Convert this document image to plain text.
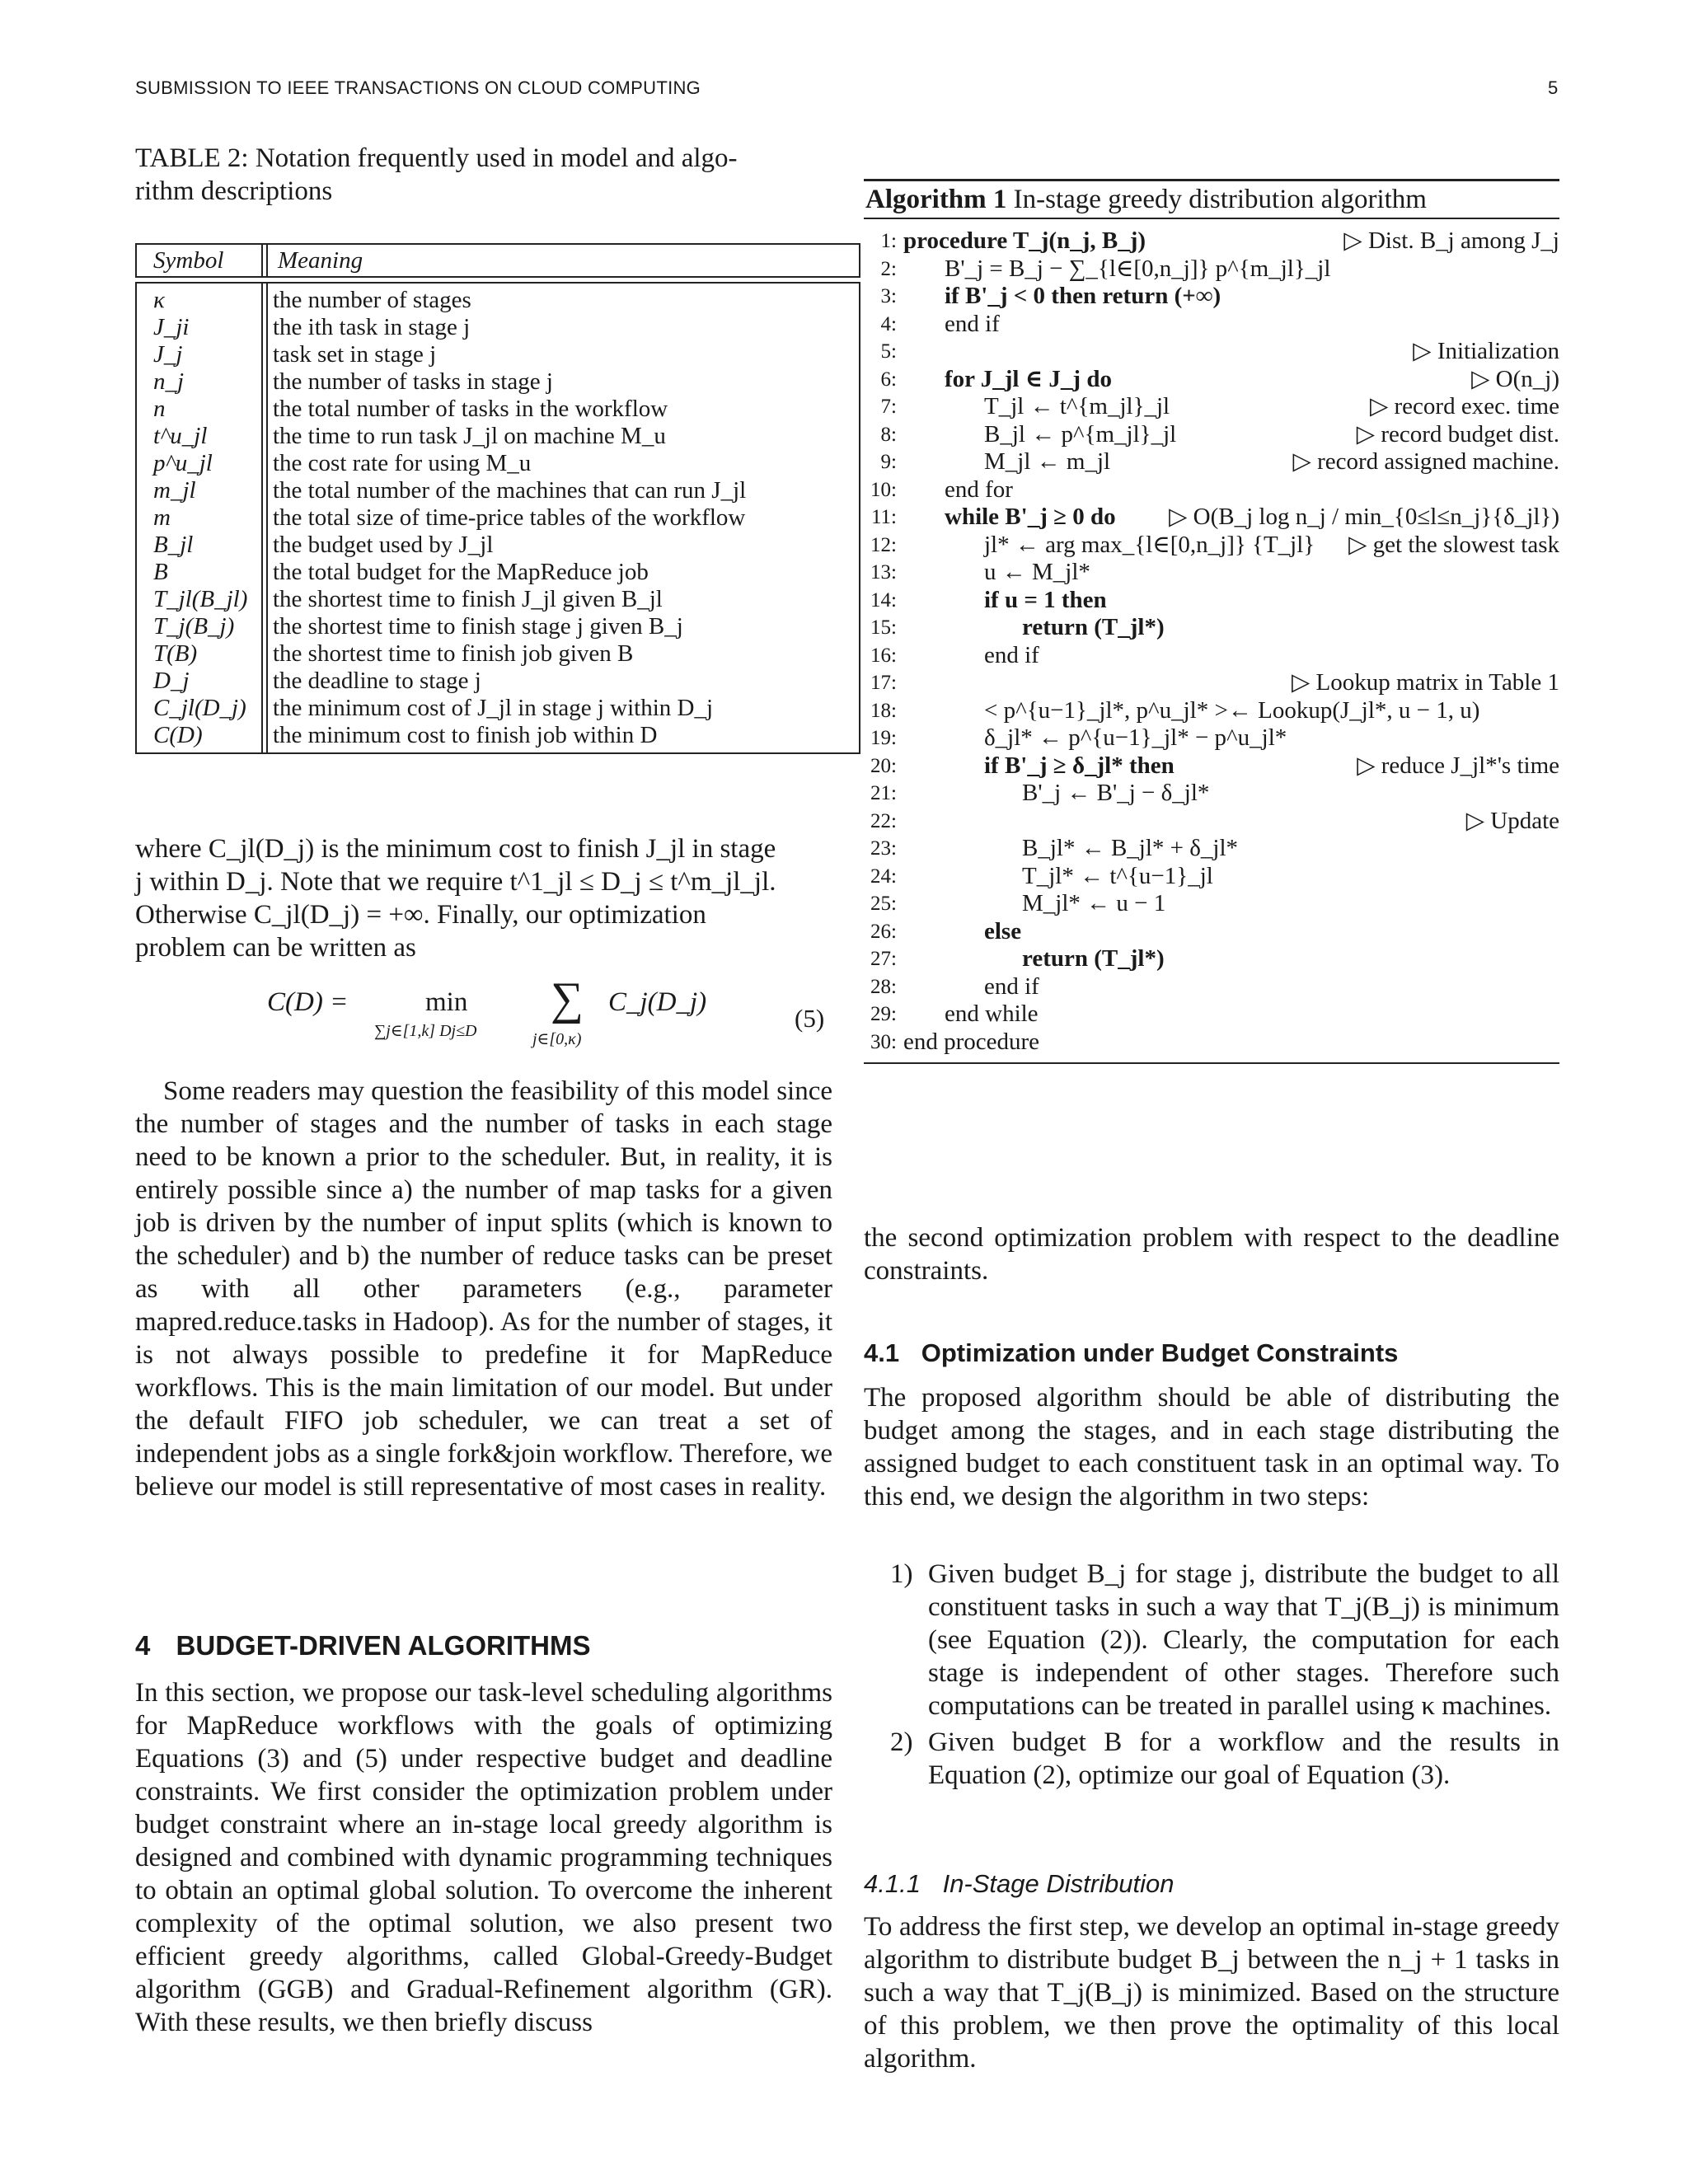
SUBMISSION TO IEEE TRANSACTIONS ON CLOUD COMPUTING	5
TABLE 2: Notation frequently used in model and algo-
rithm descriptions
Symbol	Meaning
κ	the number of stages
J_ji	the ith task in stage j
J_j	task set in stage j
n_j	the number of tasks in stage j
n	the total number of tasks in the workflow
t^u_jl	the time to run task J_jl on machine M_u
p^u_jl	the cost rate for using M_u
m_jl	the total number of the machines that can run J_jl
m	the total size of time-price tables of the workflow
B_jl	the budget used by J_jl
B	the total budget for the MapReduce job
T_jl(B_jl)	the shortest time to finish J_jl given B_jl
T_j(B_j)	the shortest time to finish stage j given B_j
T(B)	the shortest time to finish job given B
D_j	the deadline to stage j
C_jl(D_j)	the minimum cost of J_jl in stage j within D_j
C(D)	the minimum cost to finish job within D
where C_jl(D_j) is the minimum cost to finish J_jl in stage
j within D_j. Note that we require t^1_jl ≤ D_j ≤ t^m_jl_jl.
Otherwise C_jl(D_j) = +∞. Finally, our optimization
problem can be written as
C(D) =	min
∑j∈[1,k] Dj≤D
∑
j∈[0,κ)
C_j(D_j)
(5)
Some readers may question the feasibility of this model since the number of stages and the number of tasks in each stage need to be known a prior to the scheduler. But, in reality, it is entirely possible since a) the number of map tasks for a given job is driven by the number of input splits (which is known to the scheduler) and b) the number of reduce tasks can be preset as with all other parameters (e.g., parameter mapred.reduce.tasks in Hadoop). As for the number of stages, it is not always possible to predefine it for MapReduce workflows. This is the main limitation of our model. But under the default FIFO job scheduler, we can treat a set of independent jobs as a single fork&join workflow. Therefore, we believe our model is still representative of most cases in reality.
4 BUDGET-DRIVEN ALGORITHMS
In this section, we propose our task-level scheduling algorithms for MapReduce workflows with the goals of optimizing Equations (3) and (5) under respective budget and deadline constraints. We first consider the optimization problem under budget constraint where an in-stage local greedy algorithm is designed and combined with dynamic programming techniques to obtain an optimal global solution. To overcome the inherent complexity of the optimal solution, we also present two efficient greedy algorithms, called Global-Greedy-Budget algorithm (GGB) and Gradual-Refinement algorithm (GR). With these results, we then briefly discuss
Algorithm 1 In-stage greedy distribution algorithm
1: procedure T_j(n_j, B_j)	▷ Dist. B_j among J_j
2: B'_j = B_j − ∑_{l∈[0,n_j]} p^{m_jl}_jl
3: if B'_j < 0 then return (+∞)
4: end if
5:	▷ Initialization
6: for J_jl ∈ J_j do	▷ O(n_j)
7:	T_jl ← t^{m_jl}_jl	▷ record exec. time
8:	B_jl ← p^{m_jl}_jl	▷ record budget dist.
9:	M_jl ← m_jl	▷ record assigned machine.
10: end for
11: while B'_j ≥ 0 do ▷ O(B_j log n_j / min_{0≤l≤n_j}{δ_jl})
12:	jl* ← arg max_{l∈[0,n_j]} {T_jl} ▷ get the slowest task
13:	u ← M_jl*
14:	if u = 1 then
15:	return (T_jl*)
16:	end if
17:	▷ Lookup matrix in Table 1
18:	< p^{u−1}_jl*, p^u_jl* >← Lookup(J_jl*, u − 1, u)
19:	δ_jl* ← p^{u−1}_jl* − p^u_jl*
20:	if B'_j ≥ δ_jl* then	▷ reduce J_jl*'s time
21:	B'_j ← B'_j − δ_jl*
22:	▷ Update
23:	B_jl* ← B_jl* + δ_jl*
24:	T_jl* ← t^{u−1}_jl
25:	M_jl* ← u − 1
26:	else
27:	return (T_jl*)
28:	end if
29: end while
30: end procedure
the second optimization problem with respect to the deadline constraints.
4.1 Optimization under Budget Constraints
The proposed algorithm should be able of distributing the budget among the stages, and in each stage distributing the assigned budget to each constituent task in an optimal way. To this end, we design the algorithm in two steps:
1) Given budget B_j for stage j, distribute the budget to all constituent tasks in such a way that T_j(B_j) is minimum (see Equation (2)). Clearly, the computation for each stage is independent of other stages. Therefore such computations can be treated in parallel using κ machines.
2) Given budget B for a workflow and the results in Equation (2), optimize our goal of Equation (3).
4.1.1 In-Stage Distribution
To address the first step, we develop an optimal in-stage greedy algorithm to distribute budget B_j between the n_j + 1 tasks in such a way that T_j(B_j) is minimized. Based on the structure of this problem, we then prove the optimality of this local algorithm.
